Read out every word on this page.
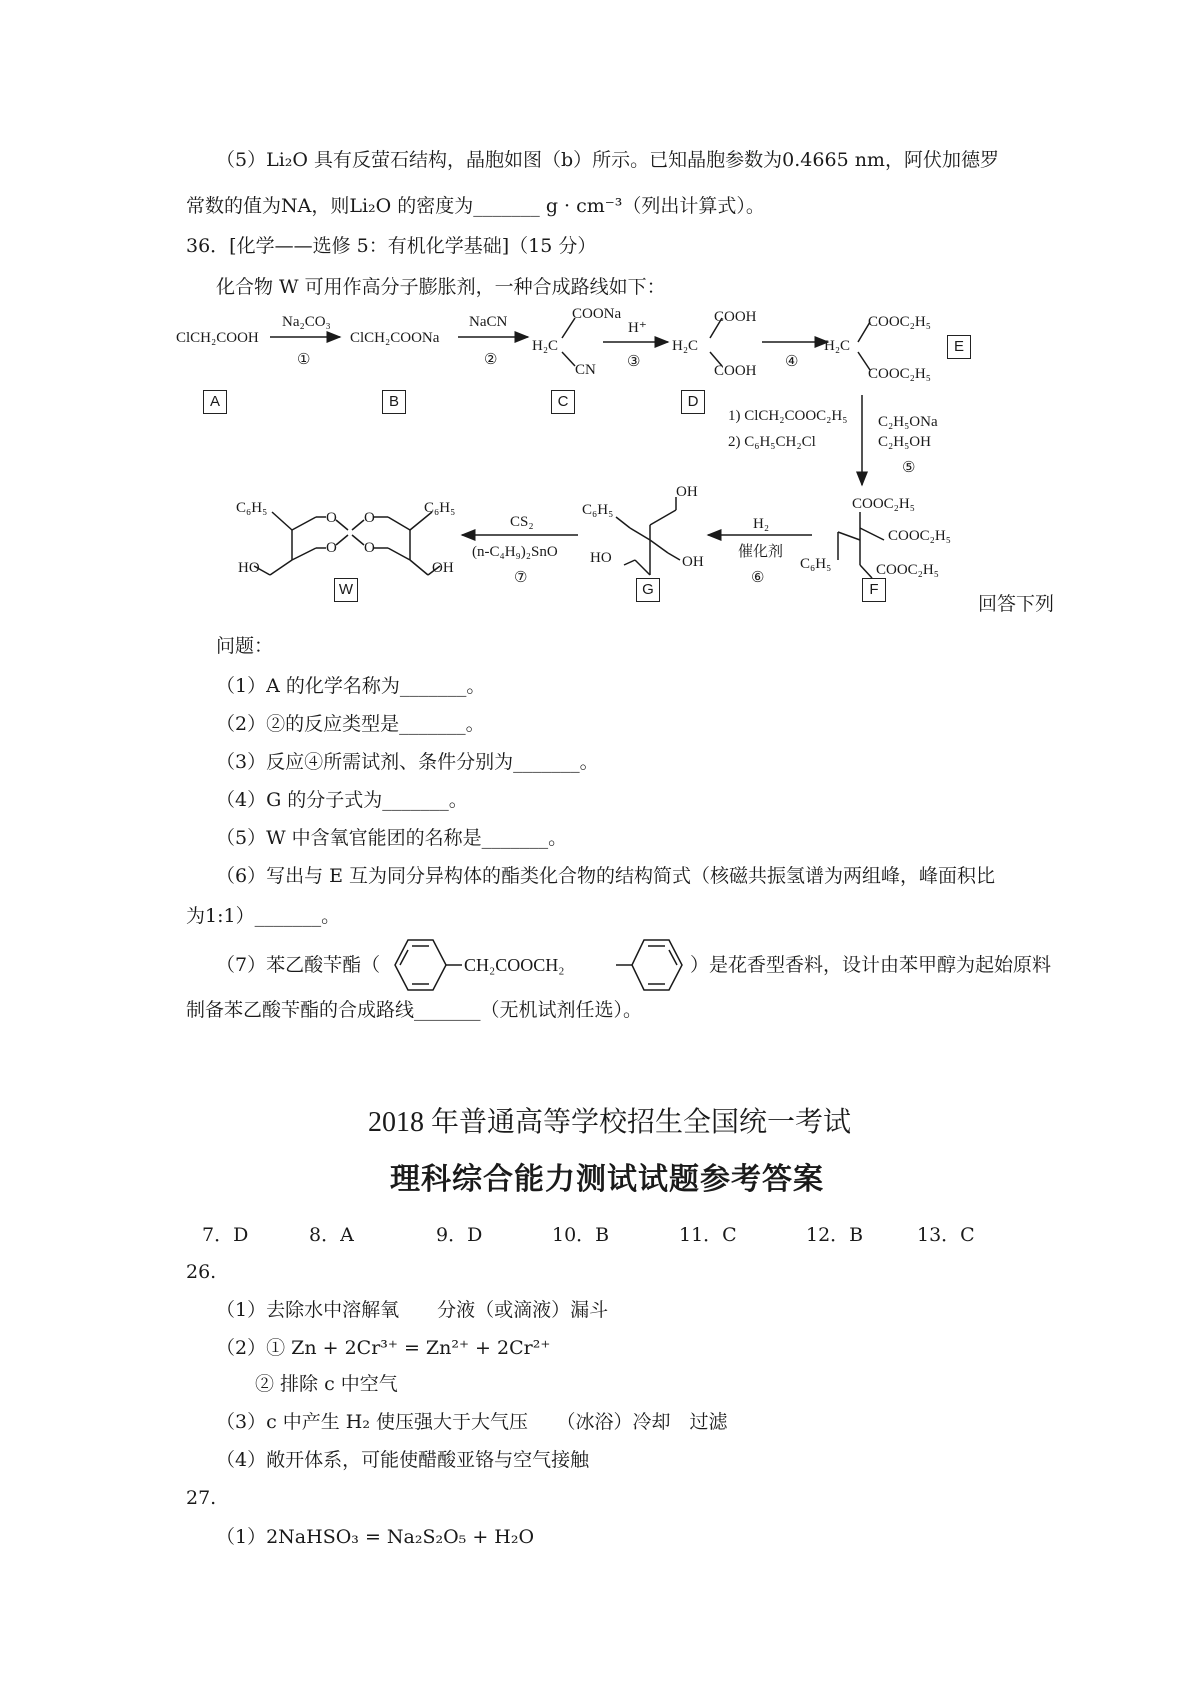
（5）Li₂O 具有反萤石结构，晶胞如图（b）所示。已知晶胞参数为0.4665 nm，阿伏加德罗
常数的值为NA，则Li₂O 的密度为_______ g · cm⁻³（列出计算式）。
36．[化学——选修 5：有机化学基础]（15 分）
化合物 W 可用作高分子膨胀剂，一种合成路线如下：
ClCH₂COOH
Na₂CO₃
①
ClCH₂COONa
NaCN
②
COONa
H₂C
CN
H⁺
③
COOH
H₂C
COOH
④
COOC₂H₅
H₂C
COOC₂H₅
1) ClCH₂COOC₂H₅
2) C₆H₅CH₂Cl
C₂H₅ONa
C₂H₅OH
⑤
COOC₂H₅
COOC₂H₅
COOC₂H₅
C₆H₅
H₂
催化剂
⑥
C₆H₅
OH
HO	OH
CS₂
(n-C₄H₉)₂SnO
⑦
C₆H₅	C₆H₅
HO	OH
O O
O O
A	B	C	D
E
F
G
W
回答下列
问题：
（1）A 的化学名称为_______。
（2）②的反应类型是_______。
（3）反应④所需试剂、条件分别为_______。
（4）G 的分子式为_______。
（5）W 中含氧官能团的名称是_______。
（6）写出与 E 互为同分异构体的酯类化合物的结构简式（核磁共振氢谱为两组峰，峰面积比
为1:1）_______。
（7）苯乙酸苄酯（	CH₂COOCH₂	）是花香型香料，设计由苯甲醇为起始原料
制备苯乙酸苄酯的合成路线_______（无机试剂任选）。
2018 年普通高等学校招生全国统一考试
理科综合能力测试试题参考答案
7．D	8．A	9．D	10．B	11．C	12．B	13．C
26.
（1）去除水中溶解氧　　分液（或滴液）漏斗
（2）① Zn + 2Cr³⁺ = Zn²⁺ + 2Cr²⁺
② 排除 c 中空气
（3）c 中产生 H₂ 使压强大于大气压　　（冰浴）冷却　过滤
（4）敞开体系，可能使醋酸亚铬与空气接触
27.
（1）2NaHSO₃ = Na₂S₂O₅ + H₂O
